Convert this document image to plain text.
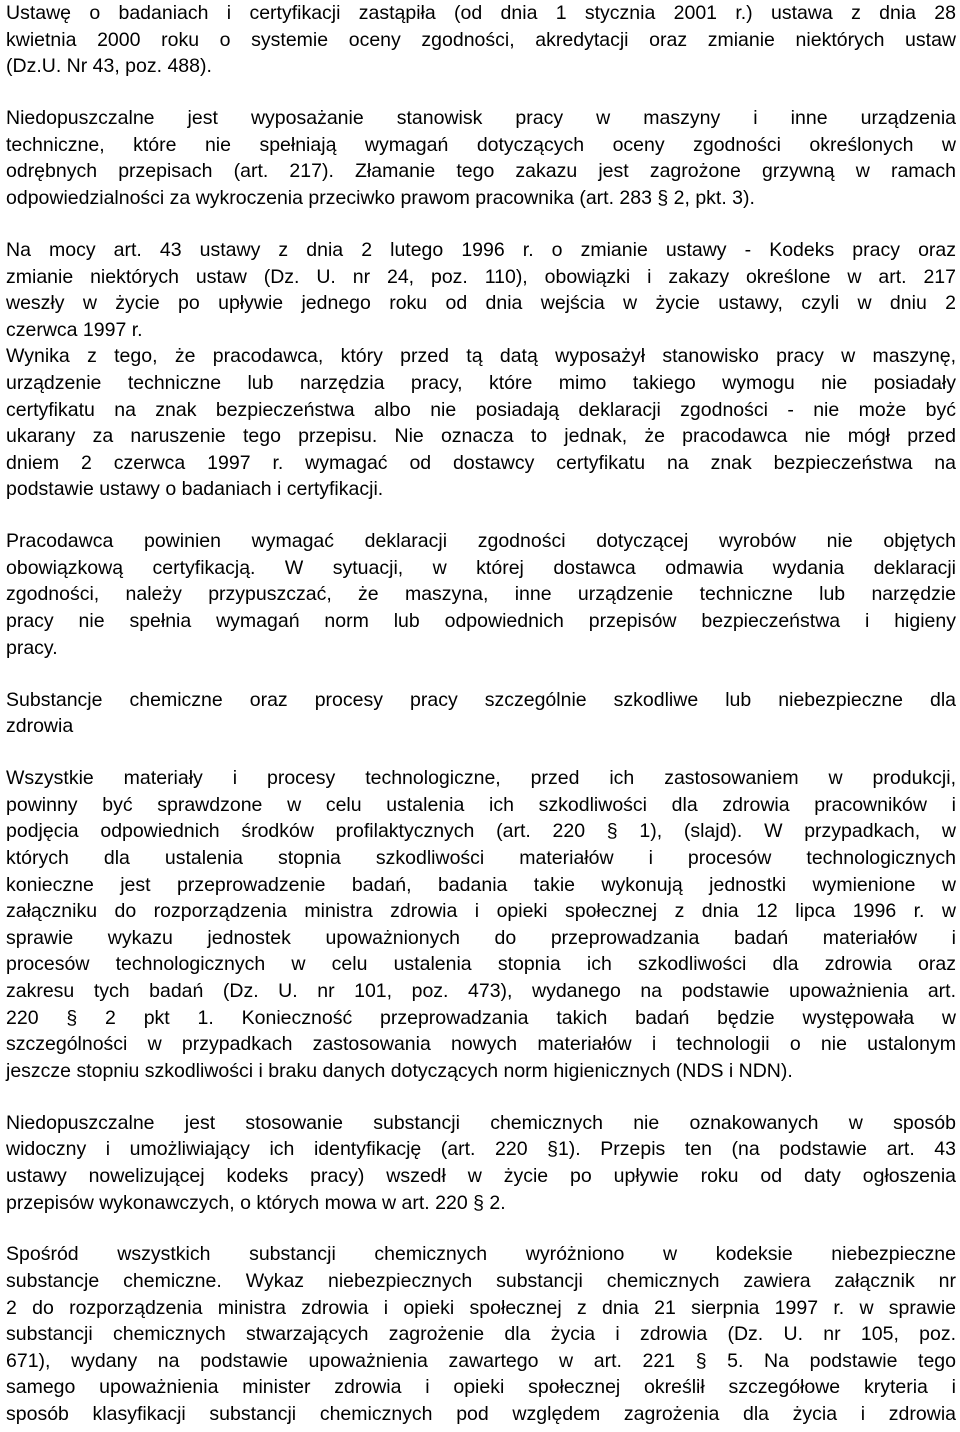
Ustawę o badaniach i certyfikacji zastąpiła (od dnia 1 stycznia 2001 r.) ustawa z dnia 28
kwietnia 2000 roku o systemie oceny zgodności, akredytacji oraz zmianie niektórych ustaw
(Dz.U. Nr 43, poz. 488).
Niedopuszczalne jest wyposażanie stanowisk pracy w maszyny i inne urządzenia
techniczne, które nie spełniają wymagań dotyczących oceny zgodności określonych w
odrębnych przepisach (art. 217). Złamanie tego zakazu jest zagrożone grzywną w ramach
odpowiedzialności za wykroczenia przeciwko prawom pracownika (art. 283 § 2, pkt. 3).
Na mocy art. 43 ustawy z dnia 2 lutego 1996 r. o zmianie ustawy - Kodeks pracy oraz
zmianie niektórych ustaw (Dz. U. nr 24, poz. 110), obowiązki i zakazy określone w art. 217
weszły w życie po upływie jednego roku od dnia wejścia w życie ustawy, czyli w dniu 2
czerwca 1997 r.
Wynika z tego, że pracodawca, który przed tą datą wyposażył stanowisko pracy w maszynę,
urządzenie techniczne lub narzędzia pracy, które mimo takiego wymogu nie posiadały
certyfikatu na znak bezpieczeństwa albo nie posiadają deklaracji zgodności - nie może być
ukarany za naruszenie tego przepisu. Nie oznacza to jednak, że pracodawca nie mógł przed
dniem 2 czerwca 1997 r. wymagać od dostawcy certyfikatu na znak bezpieczeństwa na
podstawie ustawy o badaniach i certyfikacji.
Pracodawca powinien wymagać deklaracji zgodności dotyczącej wyrobów nie objętych
obowiązkową certyfikacją. W sytuacji, w której dostawca odmawia wydania deklaracji
zgodności, należy przypuszczać, że maszyna, inne urządzenie techniczne lub narzędzie
pracy nie spełnia wymagań norm lub odpowiednich przepisów bezpieczeństwa i higieny
pracy.
Substancje chemiczne oraz procesy pracy szczególnie szkodliwe lub niebezpieczne dla
zdrowia
Wszystkie materiały i procesy technologiczne, przed ich zastosowaniem w produkcji,
powinny być sprawdzone w celu ustalenia ich szkodliwości dla zdrowia pracowników i
podjęcia odpowiednich środków profilaktycznych (art. 220 § 1), (slajd). W przypadkach, w
których dla ustalenia stopnia szkodliwości materiałów i procesów technologicznych
konieczne jest przeprowadzenie badań, badania takie wykonują jednostki wymienione w
załączniku do rozporządzenia ministra zdrowia i opieki społecznej z dnia 12 lipca 1996 r. w
sprawie wykazu jednostek upoważnionych do przeprowadzania badań materiałów i
procesów technologicznych w celu ustalenia stopnia ich szkodliwości dla zdrowia oraz
zakresu tych badań (Dz. U. nr 101, poz. 473), wydanego na podstawie upoważnienia art.
220 § 2 pkt 1. Konieczność przeprowadzania takich badań będzie występowała w
szczególności w przypadkach zastosowania nowych materiałów i technologii o nie ustalonym
jeszcze stopniu szkodliwości i braku danych dotyczących norm higienicznych (NDS i NDN).
Niedopuszczalne jest stosowanie substancji chemicznych nie oznakowanych w sposób
widoczny i umożliwiający ich identyfikację (art. 220 §1). Przepis ten (na podstawie art. 43
ustawy nowelizującej kodeks pracy) wszedł w życie po upływie roku od daty ogłoszenia
przepisów wykonawczych, o których mowa w art. 220 § 2.
Spośród wszystkich substancji chemicznych wyróżniono w kodeksie niebezpieczne
substancje chemiczne. Wykaz niebezpiecznych substancji chemicznych zawiera załącznik nr
2 do rozporządzenia ministra zdrowia i opieki społecznej z dnia 21 sierpnia 1997 r. w sprawie
substancji chemicznych stwarzających zagrożenie dla życia i zdrowia (Dz. U. nr 105, poz.
671), wydany na podstawie upoważnienia zawartego w art. 221 § 5. Na podstawie tego
samego upoważnienia minister zdrowia i opieki społecznej określił szczegółowe kryteria i
sposób klasyfikacji substancji chemicznych pod względem zagrożenia dla życia i zdrowia
